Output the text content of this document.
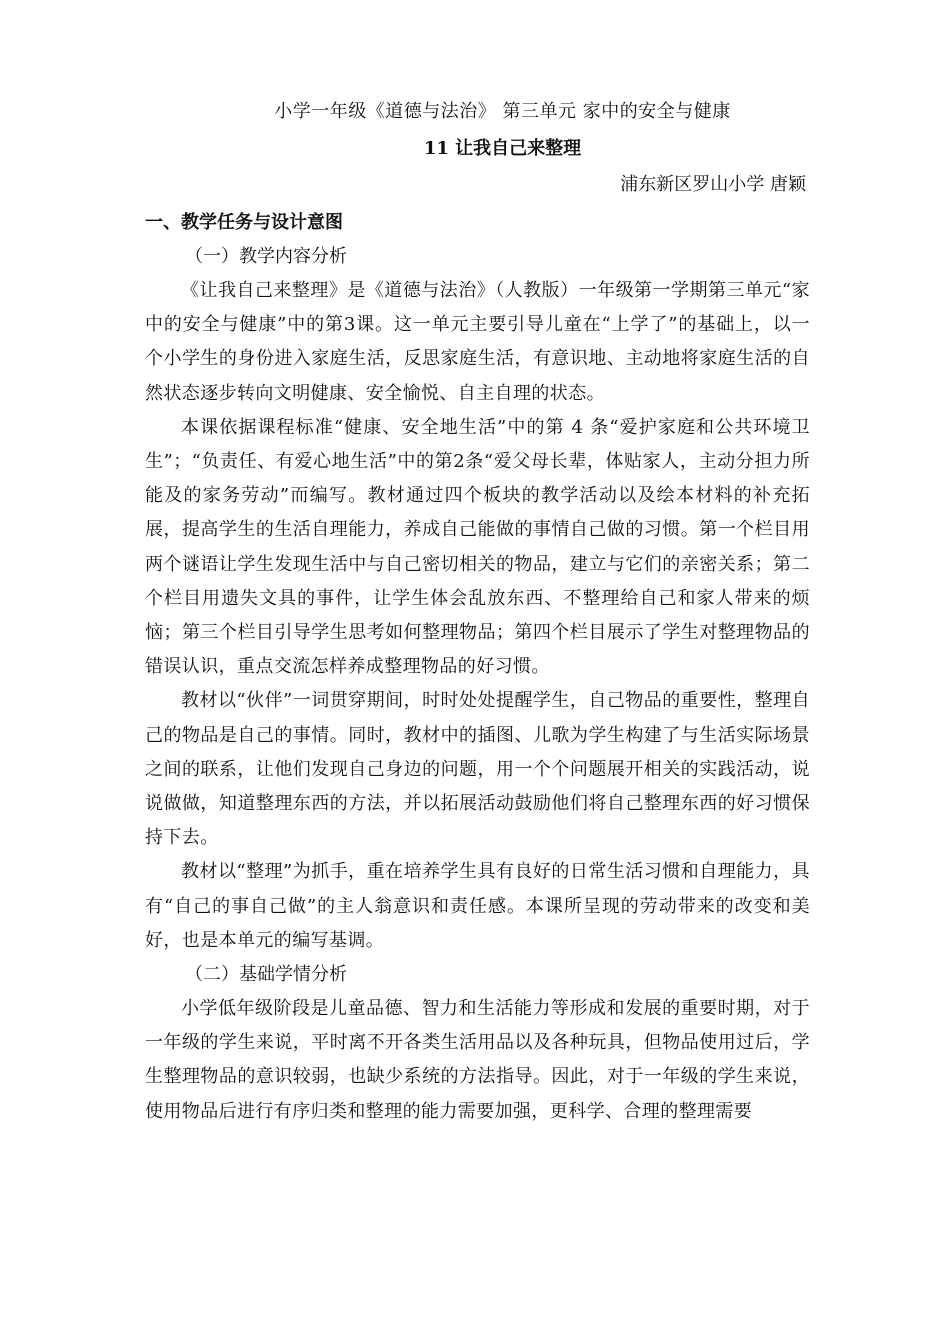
小学一年级《道德与法治》 第三单元 家中的安全与健康
11 让我自己来整理
浦东新区罗山小学 唐颖
一、教学任务与设计意图
（一）教学内容分析

《让我自己来整理》是《道德与法治》（人教版）一年级第一学期第三单元“家中的安全与健康”中的第3课。这一单元主要引导儿童在“上学了”的基础上，以一个小学生的身份进入家庭生活，反思家庭生活，有意识地、主动地将家庭生活的自然状态逐步转向文明健康、安全愉悦、自主自理的状态。

本课依据课程标准“健康、安全地生活”中的第 4 条“爱护家庭和公共环境卫生”；“负责任、有爱心地生活”中的第2条“爱父母长辈，体贴家人，主动分担力所能及的家务劳动”而编写。教材通过四个板块的教学活动以及绘本材料的补充拓展，提高学生的生活自理能力，养成自己能做的事情自己做的习惯。第一个栏目用两个谜语让学生发现生活中与自己密切相关的物品，建立与它们的亲密关系；第二个栏目用遗失文具的事件，让学生体会乱放东西、不整理给自己和家人带来的烦恼；第三个栏目引导学生思考如何整理物品；第四个栏目展示了学生对整理物品的错误认识，重点交流怎样养成整理物品的好习惯。

教材以“伙伴”一词贯穿期间，时时处处提醒学生，自己物品的重要性，整理自己的物品是自己的事情。同时，教材中的插图、儿歌为学生构建了与生活实际场景之间的联系，让他们发现自己身边的问题，用一个个问题展开相关的实践活动，说说做做，知道整理东西的方法，并以拓展活动鼓励他们将自己整理东西的好习惯保持下去。

教材以“整理”为抓手，重在培养学生具有良好的日常生活习惯和自理能力，具有“自己的事自己做”的主人翁意识和责任感。本课所呈现的劳动带来的改变和美好，也是本单元的编写基调。

（二）基础学情分析

小学低年级阶段是儿童品德、智力和生活能力等形成和发展的重要时期，对于一年级的学生来说，平时离不开各类生活用品以及各种玩具，但物品使用过后，学生整理物品的意识较弱，也缺少系统的方法指导。因此，对于一年级的学生来说，使用物品后进行有序归类和整理的能力需要加强，更科学、合理的整理需要
